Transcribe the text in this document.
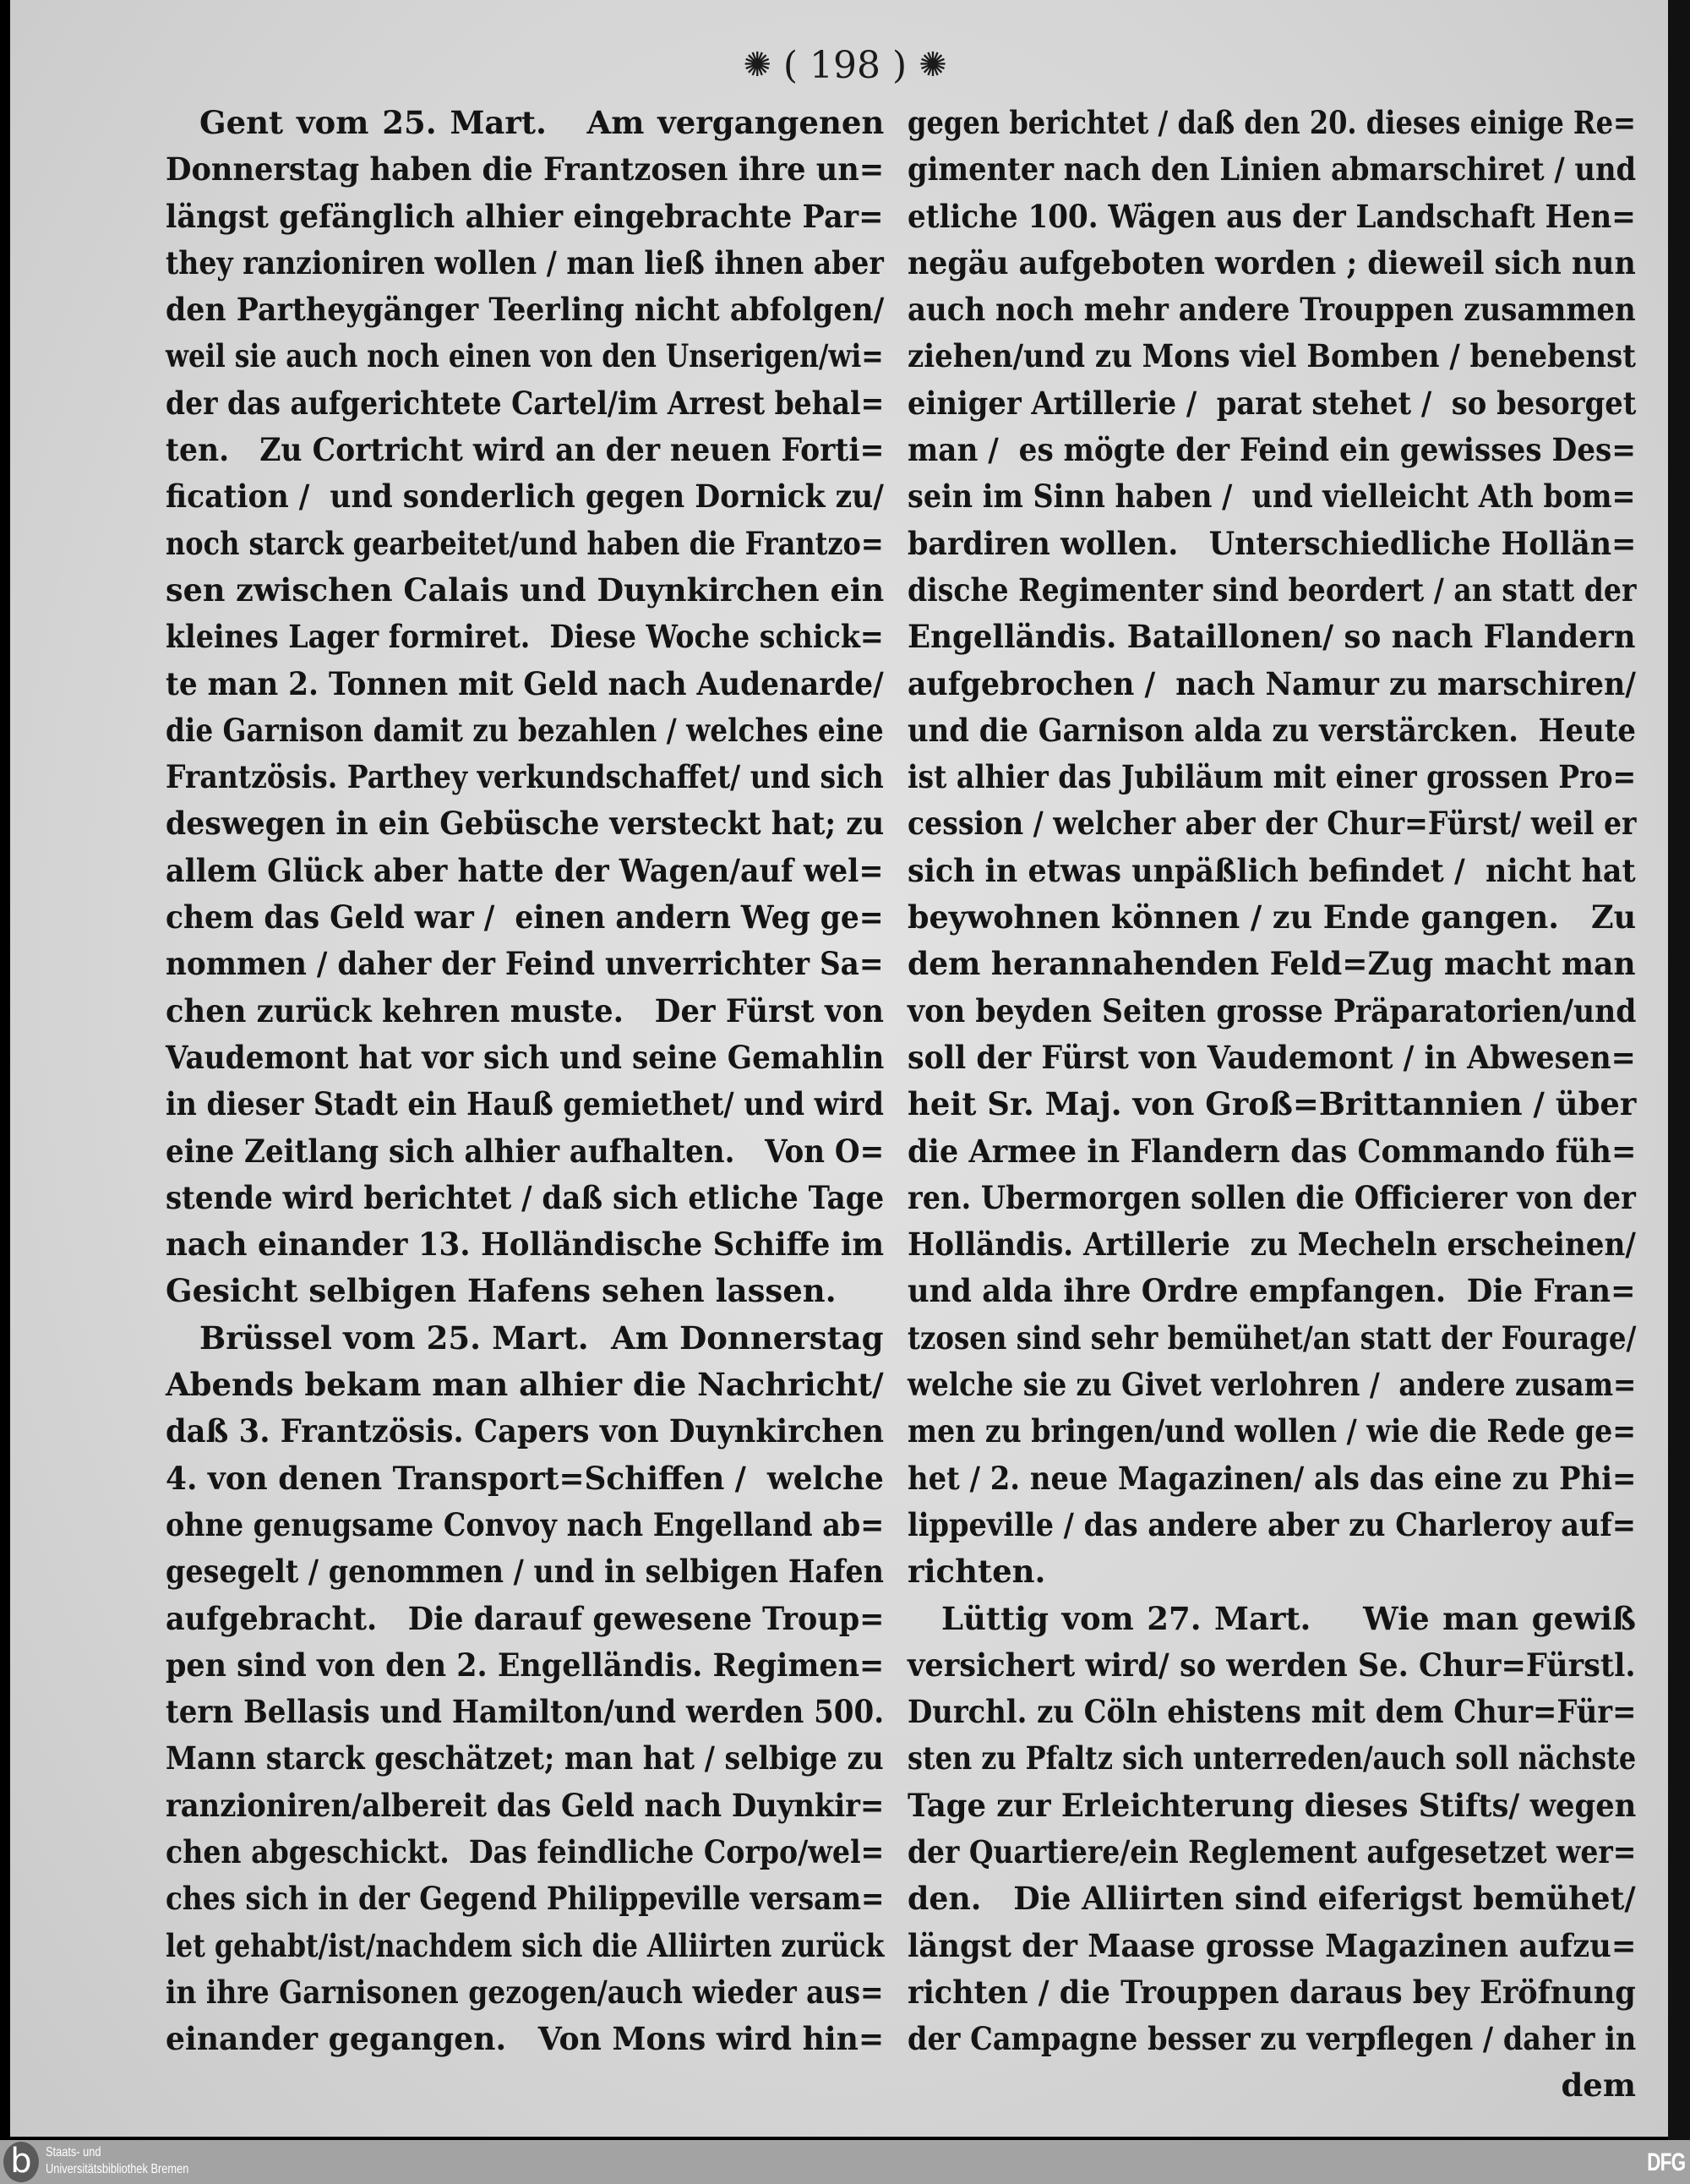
✺ ( 198 ) ✺
Gent vom 25. Mart.   Am vergangenen
Donnerstag haben die Frantzosen ihre un=
längst gefänglich alhier eingebrachte Par=
they ranzioniren wollen / man ließ ihnen aber
den Partheygänger Teerling nicht abfolgen/
weil sie auch noch einen von den Unserigen/wi=
der das aufgerichtete Cartel/im Arrest behal=
ten.   Zu Cortricht wird an der neuen Forti=
fication /  und sonderlich gegen Dornick zu/
noch starck gearbeitet/und haben die Frantzo=
sen zwischen Calais und Duynkirchen ein
kleines Lager formiret.  Diese Woche schick=
te man 2. Tonnen mit Geld nach Audenarde/
die Garnison damit zu bezahlen / welches eine
Frantzösis. Parthey verkundschaffet/ und sich
deswegen in ein Gebüsche versteckt hat; zu
allem Glück aber hatte der Wagen/auf wel=
chem das Geld war /  einen andern Weg ge=
nommen / daher der Feind unverrichter Sa=
chen zurück kehren muste.   Der Fürst von
Vaudemont hat vor sich und seine Gemahlin
in dieser Stadt ein Hauß gemiethet/ und wird
eine Zeitlang sich alhier aufhalten.   Von O=
stende wird berichtet / daß sich etliche Tage
nach einander 13. Holländische Schiffe im
Gesicht selbigen Hafens sehen lassen.
Brüssel vom 25. Mart.  Am Donnerstag
Abends bekam man alhier die Nachricht/
daß 3. Frantzösis. Capers von Duynkirchen
4. von denen Transport=Schiffen /  welche
ohne genugsame Convoy nach Engelland ab=
gesegelt / genommen / und in selbigen Hafen
aufgebracht.   Die darauf gewesene Troup=
pen sind von den 2. Engelländis. Regimen=
tern Bellasis und Hamilton/und werden 500.
Mann starck geschätzet; man hat / selbige zu
ranzioniren/albereit das Geld nach Duynkir=
chen abgeschickt.  Das feindliche Corpo/wel=
ches sich in der Gegend Philippeville versam=
let gehabt/ist/nachdem sich die Alliirten zurück
in ihre Garnisonen gezogen/auch wieder aus=
einander gegangen.   Von Mons wird hin=
gegen berichtet / daß den 20. dieses einige Re=
gimenter nach den Linien abmarschiret / und
etliche 100. Wägen aus der Landschaft Hen=
negäu aufgeboten worden ; dieweil sich nun
auch noch mehr andere Trouppen zusammen
ziehen/und zu Mons viel Bomben / benebenst
einiger Artillerie /  parat stehet /  so besorget
man /  es mögte der Feind ein gewisses Des=
sein im Sinn haben /  und vielleicht Ath bom=
bardiren wollen.   Unterschiedliche Hollän=
dische Regimenter sind beordert / an statt der
Engelländis. Bataillonen/ so nach Flandern
aufgebrochen /  nach Namur zu marschiren/
und die Garnison alda zu verstärcken.  Heute
ist alhier das Jubiläum mit einer grossen Pro=
cession / welcher aber der Chur=Fürst/ weil er
sich in etwas unpäßlich befindet /  nicht hat
beywohnen können / zu Ende gangen.   Zu
dem herannahenden Feld=Zug macht man
von beyden Seiten grosse Präparatorien/und
soll der Fürst von Vaudemont / in Abwesen=
heit Sr. Maj. von Groß=Brittannien / über
die Armee in Flandern das Commando füh=
ren. Ubermorgen sollen die Officierer von der
Holländis. Artillerie  zu Mecheln erscheinen/
und alda ihre Ordre empfangen.  Die Fran=
tzosen sind sehr bemühet/an statt der Fourage/
welche sie zu Givet verlohren /  andere zusam=
men zu bringen/und wollen / wie die Rede ge=
het / 2. neue Magazinen/ als das eine zu Phi=
lippeville / das andere aber zu Charleroy auf=
richten.
Lüttig vom 27. Mart.    Wie man gewiß
versichert wird/ so werden Se. Chur=Fürstl.
Durchl. zu Cöln ehistens mit dem Chur=Für=
sten zu Pfaltz sich unterreden/auch soll nächste
Tage zur Erleichterung dieses Stifts/ wegen
der Quartiere/ein Reglement aufgesetzet wer=
den.   Die Alliirten sind eiferigst bemühet/
längst der Maase grosse Magazinen aufzu=
richten / die Trouppen daraus bey Eröfnung
der Campagne besser zu verpflegen / daher in
dem
b	Staats- und
Universitätsbibliothek Bremen	DFG
